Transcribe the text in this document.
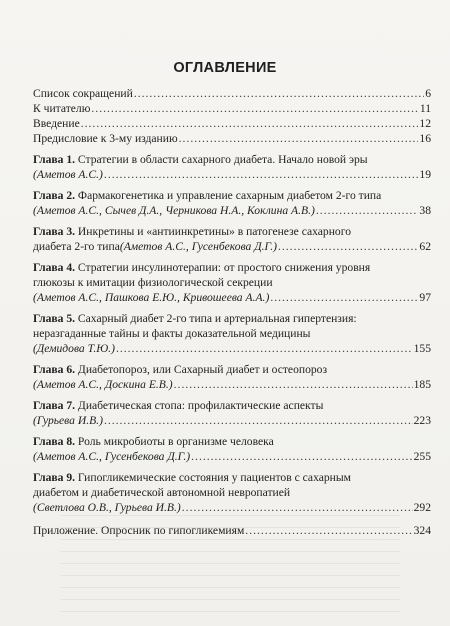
ОГЛАВЛЕНИЕ
Список сокращений .....	6
К читателю .....	11
Введение .....	12
Предисловие к 3-му изданию .....	16
Глава 1. Стратегии в области сахарного диабета. Начало новой эры
(Аметов А.С.) .....	19
Глава 2. Фармакогенетика и управление сахарным диабетом 2-го типа
(Аметов А.С., Сычев Д.А., Черникова Н.А., Коклина А.В.) .....	38
Глава 3. Инкретины и «антиинкретины» в патогенезе сахарного
диабета 2-го типа (Аметов А.С., Гусенбекова Д.Г.) .....	62
Глава 4. Стратегии инсулинотерапии: от простого снижения уровня
глюкозы к имитации физиологической секреции
(Аметов А.С., Пашкова Е.Ю., Кривошеева А.А.) .....	97
Глава 5. Сахарный диабет 2-го типа и артериальная гипертензия:
неразгаданные тайны и факты доказательной медицины
(Демидова Т.Ю.) .....	155
Глава 6. Диабетопороз, или Сахарный диабет и остеопороз
(Аметов А.С., Доскина Е.В.) .....	185
Глава 7. Диабетическая стопа: профилактические аспекты
(Гурьева И.В.) .....	223
Глава 8. Роль микробиоты в организме человека
(Аметов А.С., Гусенбекова Д.Г.) .....	255
Глава 9. Гипогликемические состояния у пациентов с сахарным
диабетом и диабетической автономной невропатией
(Светлова О.В., Гурьева И.В.) .....	292
Приложение. Опросник по гипогликемиям .....	324
